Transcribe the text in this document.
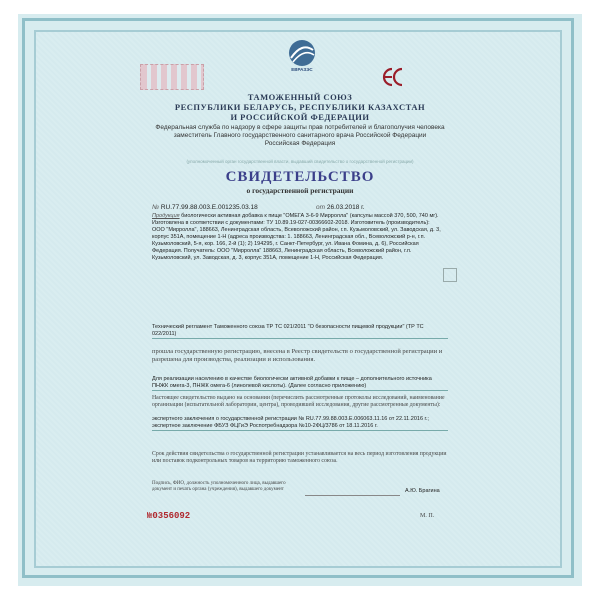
ЕВРАЗЭС
ТАМОЖЕННЫЙ СОЮЗ
РЕСПУБЛИКИ БЕЛАРУСЬ, РЕСПУБЛИКИ КАЗАХСТАН
И РОССИЙСКОЙ ФЕДЕРАЦИИ
Федеральная служба по надзору в сфере защиты прав потребителей и благополучия человека
заместитель Главного государственного санитарного врача Российской Федерации
Российская Федерация
(уполномоченный орган государственной власти, выдавший свидетельство о государственной регистрации)
СВИДЕТЕЛЬСТВО
о государственной регистрации
№ RU.77.99.88.003.Е.001235.03.18	от 26.03.2018 г.
Продукция биологически активная добавка к пище "ОМЕГА 3-6-9 Мирролла" (капсулы массой 370, 500, 740 мг). Изготовлена в соответствии с документами: ТУ 10.89.19-027-00366602-2018. Изготовитель (производитель): ООО "Мирролла", 188663, Ленинградская область, Всеволожский район, г.п. Кузьмоловский, ул. Заводская, д. 3, корпус 351А, помещение 1-Н (адреса производства: 1. 188663, Ленинградская обл., Всеволожский р-н, г.п. Кузьмоловский, 5-я, кор. 166, 2-й (1); 2) 194295, г. Санкт-Петербург, ул. Ивана Фомина, д. 6), Российская Федерация. Получатель: ООО "Мирролла" 188663, Ленинградская область, Всеволожский район, г.п. Кузьмоловский, ул. Заводская, д. 3, корпус 351А, помещение 1-Н, Российская Федерация.
Технический регламент Таможенного союза ТР ТС 021/2011 "О безопасности пищевой продукции" (ТР ТС 022/2011)
прошла государственную регистрацию, внесена в Реестр свидетельств о государственной регистрации и разрешена для производства, реализации и использования.
Для реализации населению в качестве биологически активной добавки к пище – дополнительного источника ПНЖК омега-3, ПНЖК омега-6 (линолевой кислоты). (Далее согласно приложению)
Настоящее свидетельство выдано на основании (перечислить рассмотренные протоколы исследований, наименование организации (испытательной лаборатории, центра), проводившей исследования, другие рассмотренные документы):
экспертного заключения о государственной регистрации № RU.77.99.88.003.Е.006063.11.16 от 22.11.2016 г.; экспертное заключение ФБУЗ ФЦГиЭ Роспотребнадзора №10-2ФЦ/3786 от 18.11.2016 г.
Срок действия свидетельства о государственной регистрации устанавливается на весь период изготовления продукции или поставок подконтрольных товаров на территорию таможенного союза.
Подпись, ФИО, должность уполномоченного лица, выдавшего документ и печать органа (учреждения), выдавшего документ	А.Ю. Брагина
№0356092	М. П.
